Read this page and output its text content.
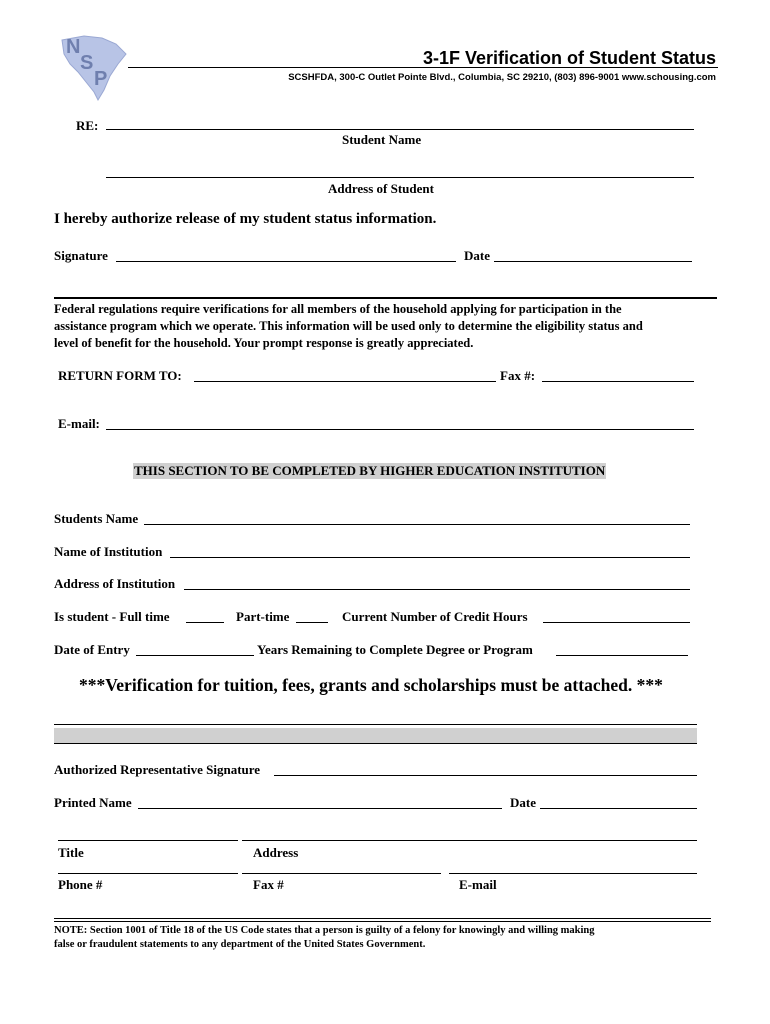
N
S
P
3-1F Verification of Student Status
SCSHFDA, 300-C Outlet Pointe Blvd., Columbia, SC 29210, (803) 896-9001 www.schousing.com
RE:
Student Name
Address of Student
I hereby authorize release of my student status information.
Signature	Date
Federal regulations require verifications for all members of the household applying for participation in the
assistance program which we operate. This information will be used only to determine the eligibility status and
level of benefit for the household. Your prompt response is greatly appreciated.
RETURN FORM TO:	Fax #:
E-mail:
THIS SECTION TO BE COMPLETED BY HIGHER EDUCATION INSTITUTION
Students Name
Name of Institution
Address of Institution
Is student - Full time	Part-time	Current Number of Credit Hours
Date of Entry	Years Remaining to Complete Degree or Program
***Verification for tuition, fees, grants and scholarships must be attached. ***
Authorized Representative Signature
Printed Name	Date
Title	Address
Phone #	Fax #	E-mail
NOTE: Section 1001 of Title 18 of the US Code states that a person is guilty of a felony for knowingly and willing making
false or fraudulent statements to any department of the United States Government.
